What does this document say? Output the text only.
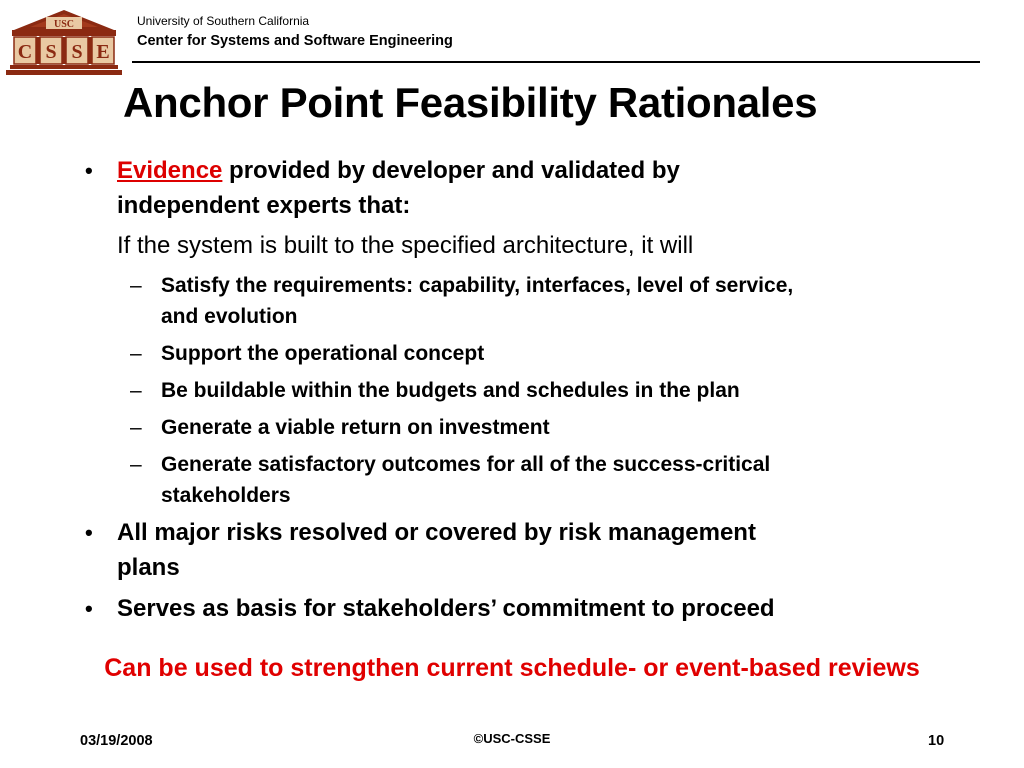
USC
C S S E
University of Southern California
Center for Systems and Software Engineering
Anchor Point Feasibility Rationales
• Evidence provided by developer and validated by
independent experts that:
If the system is built to the specified architecture, it will
– Satisfy the requirements: capability, interfaces, level of service,
and evolution
– Support the operational concept
– Be buildable within the budgets and schedules in the plan
– Generate a viable return on investment
– Generate satisfactory outcomes for all of the success-critical
stakeholders
• All major risks resolved or covered by risk management
plans
• Serves as basis for stakeholders’ commitment to proceed
Can be used to strengthen current schedule- or event-based reviews
03/19/2008	©USC-CSSE	10
